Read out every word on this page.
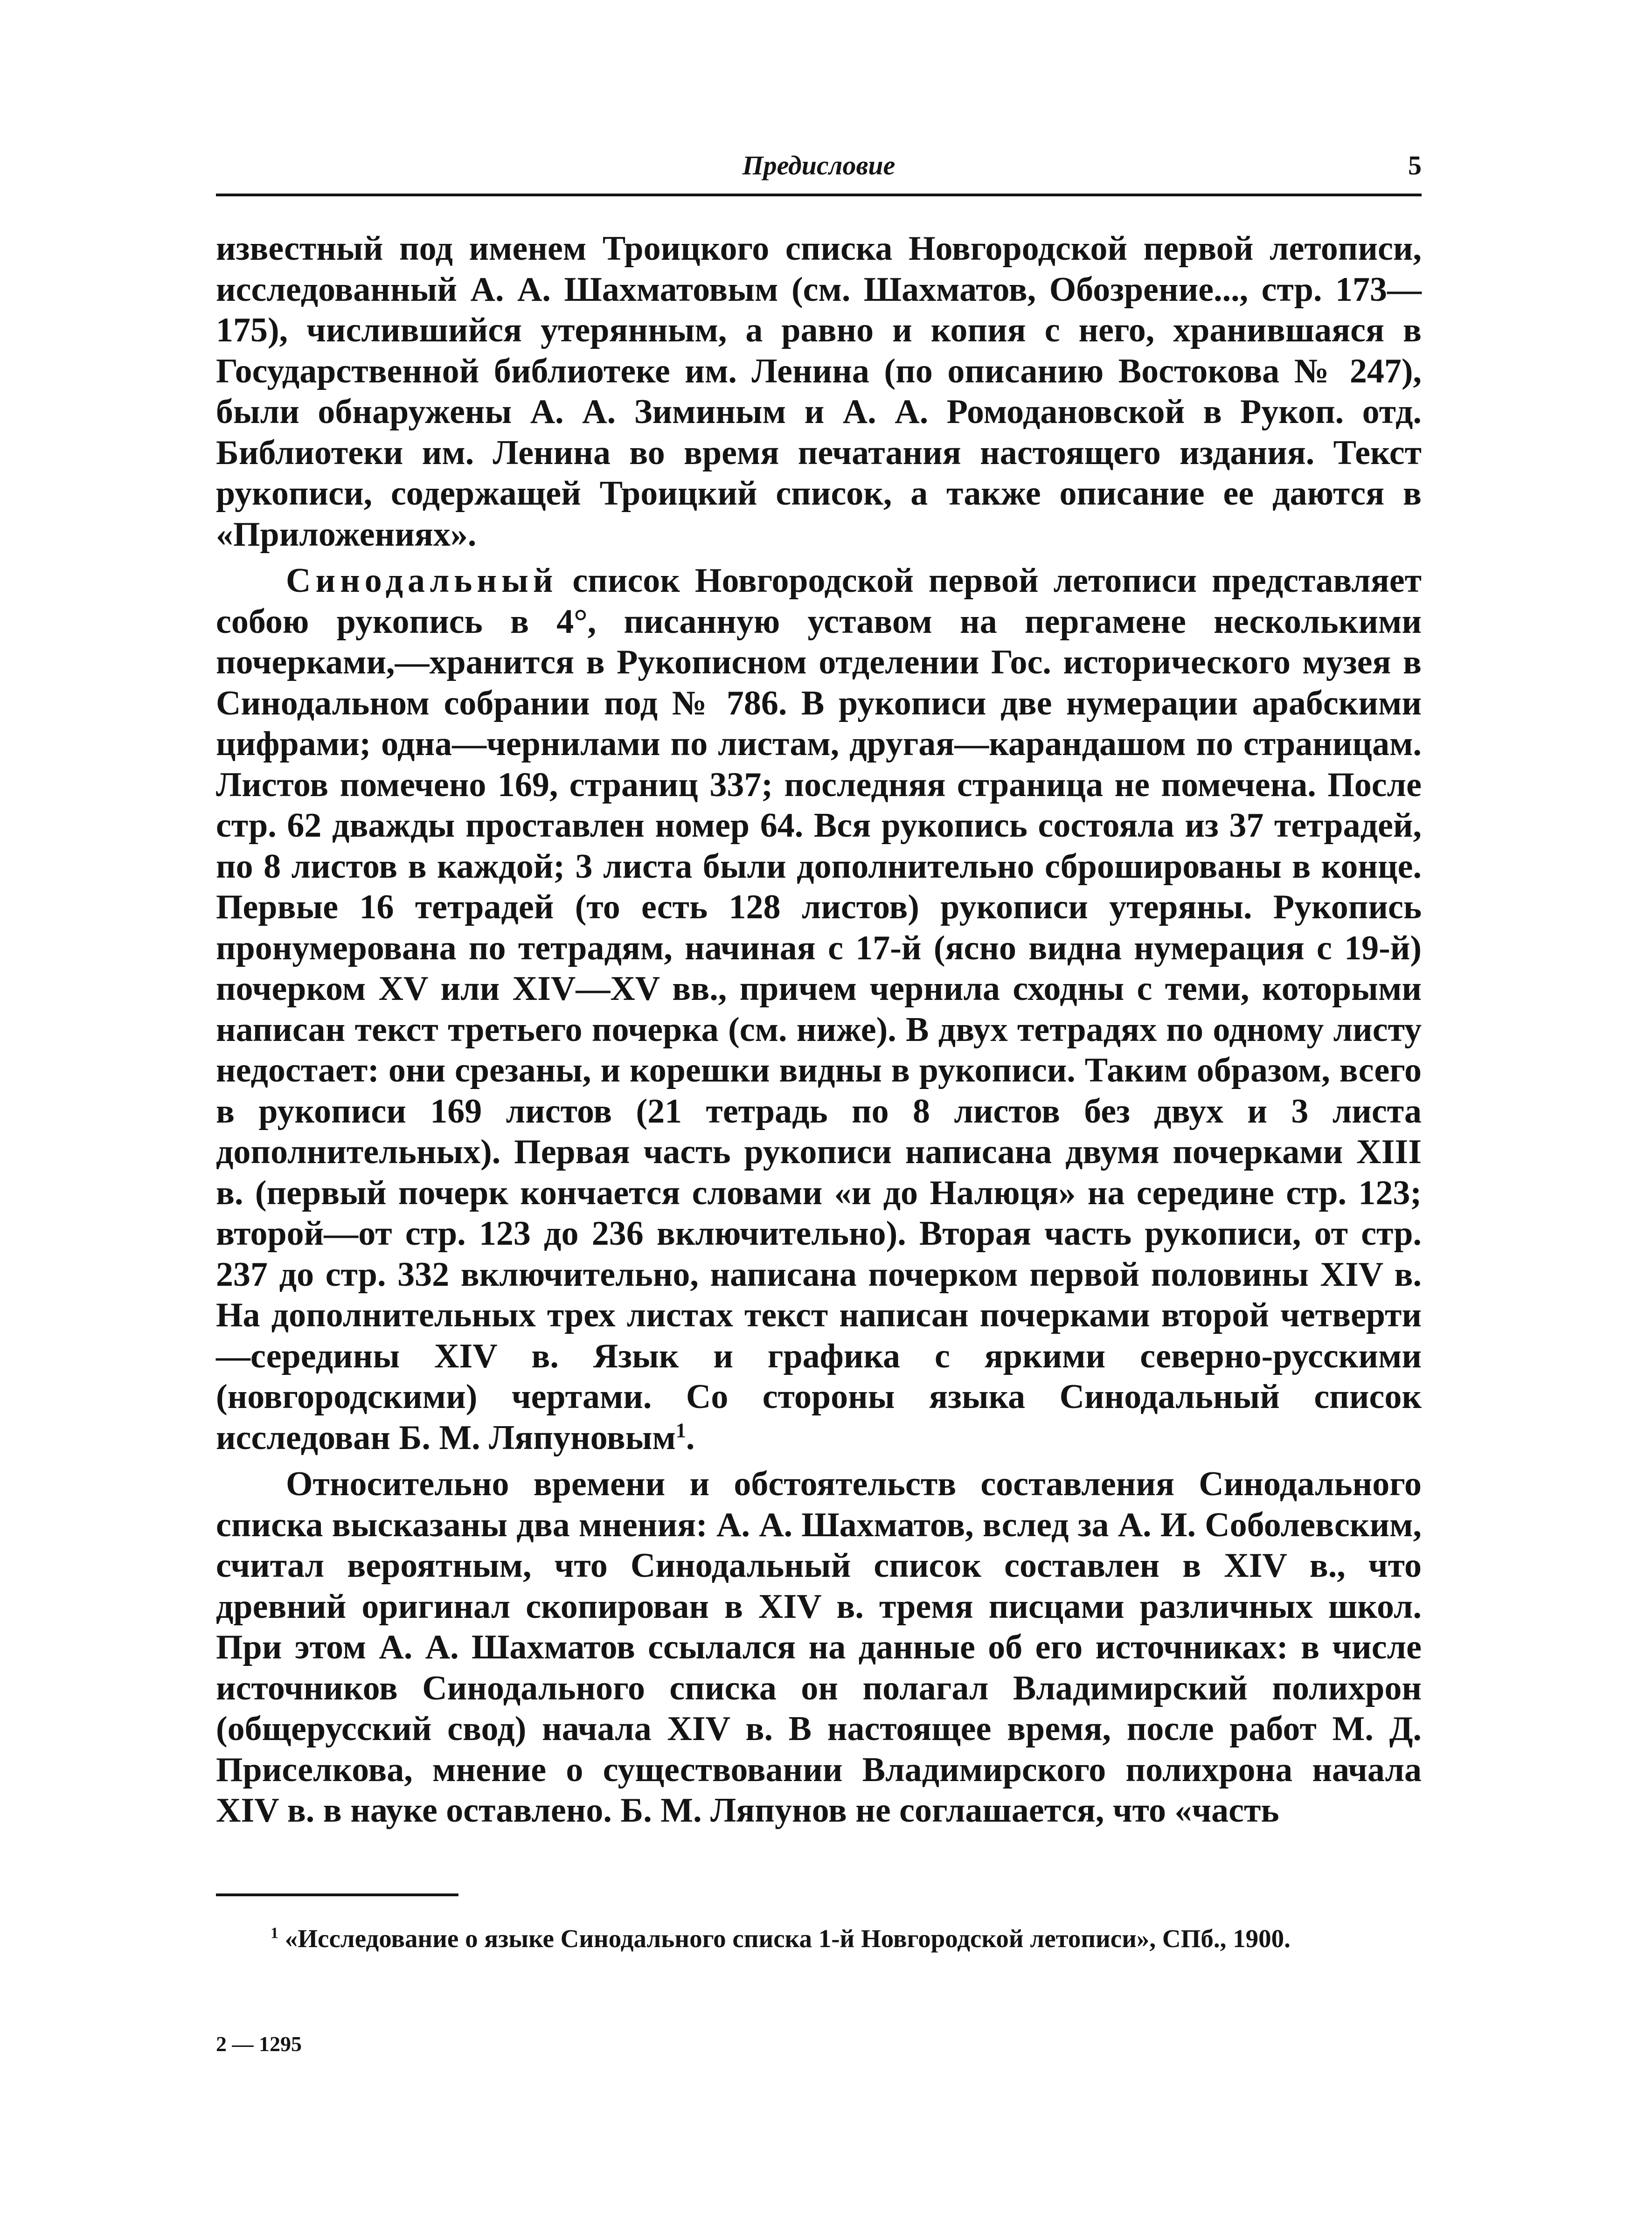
Предисловие	5

известный под именем Троицкого списка Новгородской первой летописи, исследованный А. А. Шахматовым (см. Шахматов, Обозрение..., стр. 173—175), числившийся утерянным, а равно и копия с него, хранившаяся в Государственной библиотеке им. Ленина (по описанию Востокова № 247), были обнаружены А. А. Зиминым и А. А. Ромодановской в Рукоп. отд. Библиотеки им. Ленина во время печатания настоящего издания. Текст рукописи, содержащей Троицкий список, а также описание ее даются в «Приложениях».

Синодальный список Новгородской первой летописи представляет собою рукопись в 4°, писанную уставом на пергамене несколькими почерками,—хранится в Рукописном отделении Гос. исторического музея в Синодальном собрании под № 786. В рукописи две нумерации арабскими цифрами; одна—чернилами по листам, другая—карандашом по страницам. Листов помечено 169, страниц 337; последняя страница не помечена. После стр. 62 дважды проставлен номер 64. Вся рукопись состояла из 37 тетрадей, по 8 листов в каждой; 3 листа были дополнительно сброшированы в конце. Первые 16 тетрадей (то есть 128 листов) рукописи утеряны. Рукопись пронумерована по тетрадям, начиная с 17-й (ясно видна нумерация с 19-й) почерком XV или XIV—XV вв., причем чернила сходны с теми, которыми написан текст третьего почерка (см. ниже). В двух тетрадях по одному листу недостает: они срезаны, и корешки видны в рукописи. Таким образом, всего в рукописи 169 листов (21 тетрадь по 8 листов без двух и 3 листа дополнительных). Первая часть рукописи написана двумя почерками XIII в. (первый почерк кончается словами «и до Налюця» на середине стр. 123; второй—от стр. 123 до 236 включительно). Вторая часть рукописи, от стр. 237 до стр. 332 включительно, написана почерком первой половины XIV в. На дополнительных трех листах текст написан почерками второй четверти—середины XIV в. Язык и графика с яркими северно-русскими (новгородскими) чертами. Со стороны языка Синодальный список исследован Б. М. Ляпуновым$^1$.

Относительно времени и обстоятельств составления Синодального списка высказаны два мнения: А. А. Шахматов, вслед за А. И. Соболевским, считал вероятным, что Синодальный список составлен в XIV в., что древний оригинал скопирован в XIV в. тремя писцами различных школ. При этом А. А. Шахматов ссылался на данные об его источниках: в числе источников Синодального списка он полагал Владимирский полихрон (общерусский свод) начала XIV в. В настоящее время, после работ М. Д. Приселкова, мнение о существовании Владимирского полихрона начала XIV в. в науке оставлено. Б. М. Ляпунов не соглашается, что «часть

$^1$ «Исследование о языке Синодального списка 1-й Новгородской летописи», СПб., 1900.
2 — 1295
